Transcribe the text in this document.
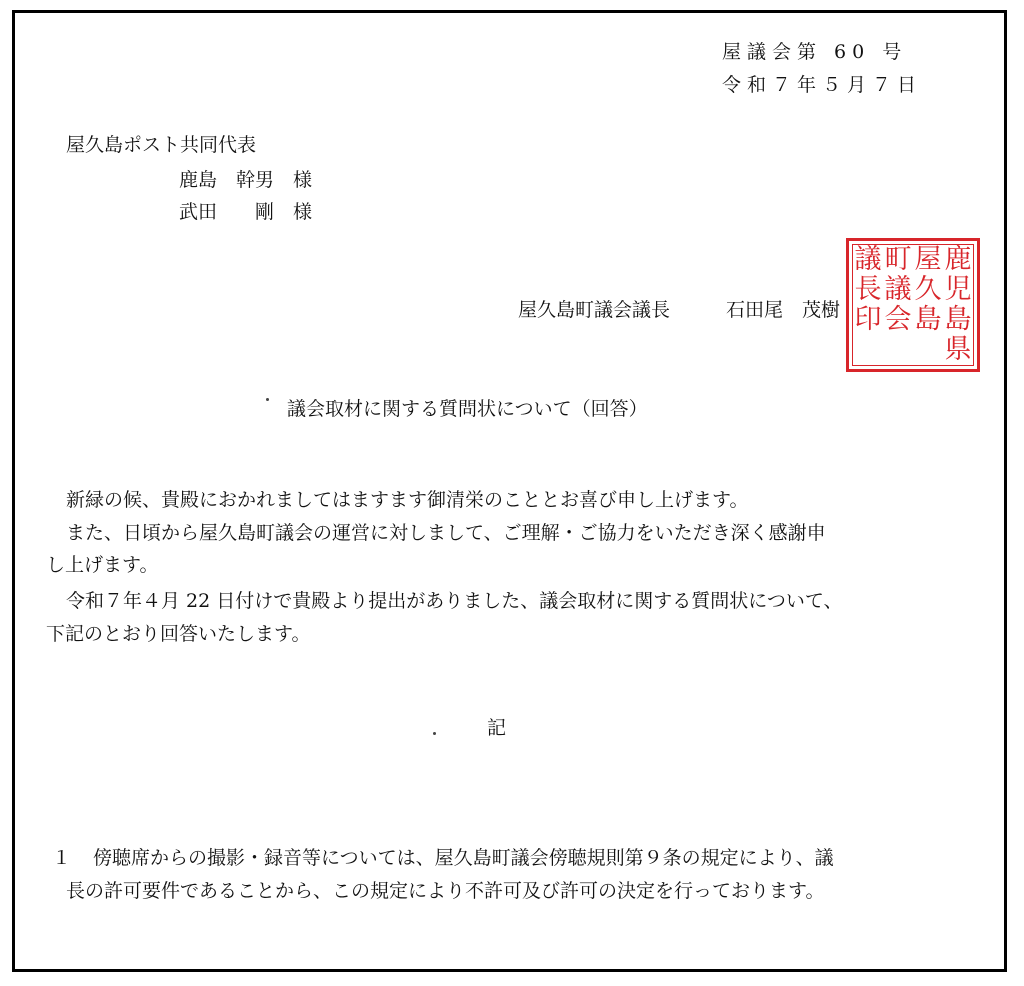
屋議会第 60 号

令和７年５月７日

屋久島ポスト共同代表

鹿島　幹男　様

武田　　剛　様

屋久島町議会議長	石田尾　茂樹

議 町 屋 鹿
長 議 久 児
印 会 島 島
県

議会取材に関する質問状について（回答）

新緑の候、貴殿におかれましてはますます御清栄のこととお喜び申し上げます。

また、日頃から屋久島町議会の運営に対しまして、ご理解・ご協力をいただき深く感謝申

し上げます。

令和７年４月 22 日付けで貴殿より提出がありました、議会取材に関する質問状について、

下記のとおり回答いたします。

記

１ 傍聴席からの撮影・録音等については、屋久島町議会傍聴規則第９条の規定により、議

長の許可要件であることから、この規定により不許可及び許可の決定を行っております。
